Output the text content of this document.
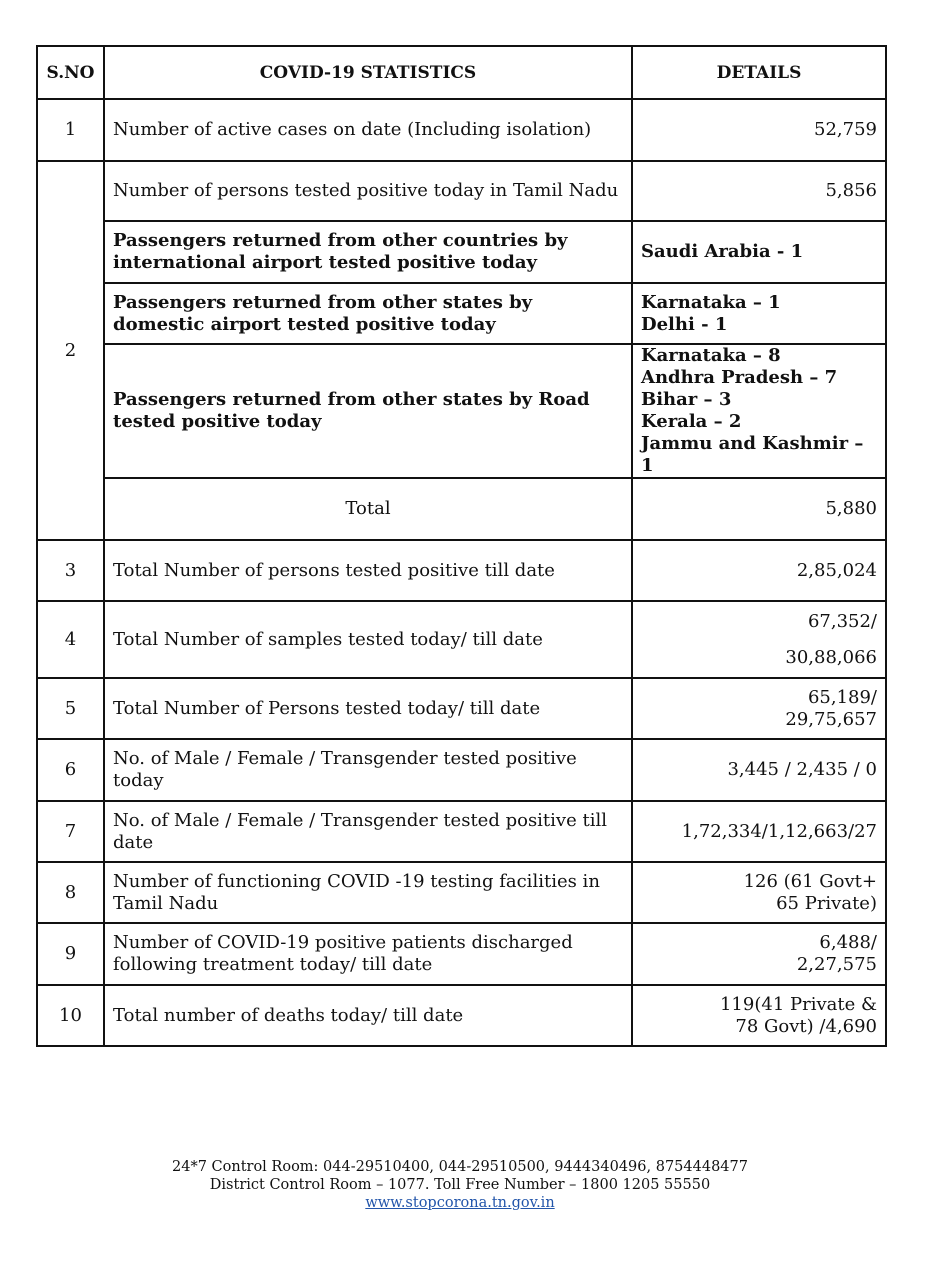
S.NO	COVID-19 STATISTICS	DETAILS
1	Number of active cases on date (Including isolation)	52,759
2	Number of persons tested positive today in Tamil Nadu	5,856
	Passengers returned from other countries by international airport tested positive today	Saudi Arabia - 1
	Passengers returned from other states by domestic airport tested positive today	Karnataka – 1
Delhi - 1

	Passengers returned from other states by Road tested positive today	Karnataka – 8
Andhra Pradesh – 7
Bihar – 3
Kerala – 2
Jammu and Kashmir – 1

	Total	5,880
3	Total Number of persons tested positive till date	2,85,024
4	Total Number of samples tested today/ till date	67,352/
30,88,066

5	Total Number of Persons tested today/ till date	65,189/
29,75,657

6	No. of Male / Female / Transgender tested positive today	3,445 / 2,435 / 0
7	No. of Male / Female / Transgender tested positive till date	1,72,334/1,12,663/27
8	Number of functioning COVID -19 testing facilities in Tamil Nadu	126 (61 Govt+
65 Private)

9	Number of COVID-19 positive patients discharged following treatment today/ till date	6,488/
2,27,575

10	Total number of deaths today/ till date	119(41 Private &
78 Govt) /4,690
24*7 Control Room: 044-29510400, 044-29510500, 9444340496, 8754448477
District Control Room – 1077. Toll Free Number – 1800 1205 55550
www.stopcorona.tn.gov.in
